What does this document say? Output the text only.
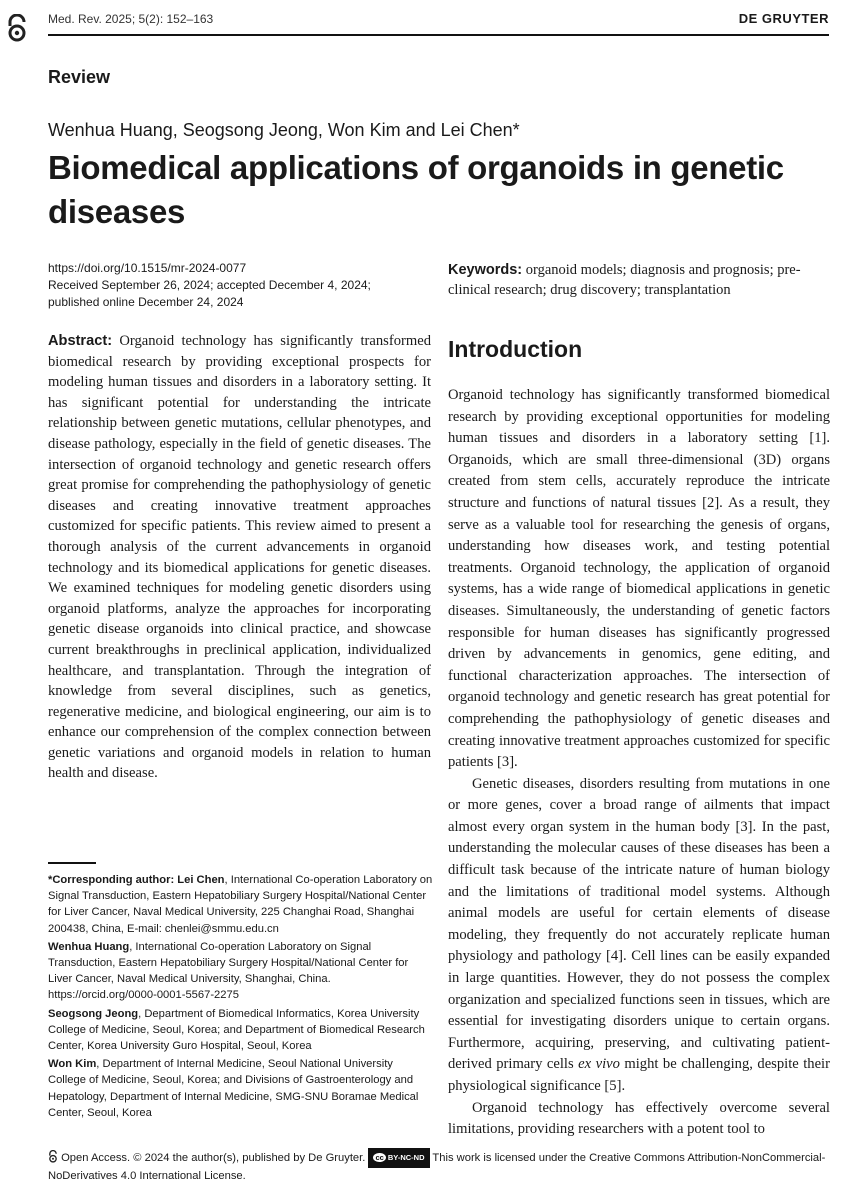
Med. Rev. 2025; 5(2): 152–163	DE GRUYTER
Review
Wenhua Huang, Seogsong Jeong, Won Kim and Lei Chen*
Biomedical applications of organoids in genetic diseases
https://doi.org/10.1515/mr-2024-0077
Received September 26, 2024; accepted December 4, 2024;
published online December 24, 2024
Keywords: organoid models; diagnosis and prognosis; pre-clinical research; drug discovery; transplantation

Abstract: Organoid technology has significantly transformed biomedical research by providing exceptional prospects for modeling human tissues and disorders in a laboratory setting. It has significant potential for understanding the intricate relationship between genetic mutations, cellular phenotypes, and disease pathology, especially in the field of genetic diseases. The intersection of organoid technology and genetic research offers great promise for comprehending the pathophysiology of genetic diseases and creating innovative treatment approaches customized for specific patients. This review aimed to present a thorough analysis of the current advancements in organoid technology and its biomedical applications for genetic diseases. We examined techniques for modeling genetic disorders using organoid platforms, analyze the approaches for incorporating genetic disease organoids into clinical practice, and showcase current breakthroughs in preclinical application, individualized healthcare, and transplantation. Through the integration of knowledge from several disciplines, such as genetics, regenerative medicine, and biological engineering, our aim is to enhance our comprehension of the complex connection between genetic variations and organoid models in relation to human health and disease.

*Corresponding author: Lei Chen, International Co-operation Laboratory on Signal Transduction, Eastern Hepatobiliary Surgery Hospital/National Center for Liver Cancer, Naval Medical University, 225 Changhai Road, Shanghai 200438, China, E-mail: chenlei@smmu.edu.cn

Wenhua Huang, International Co-operation Laboratory on Signal Transduction, Eastern Hepatobiliary Surgery Hospital/National Center for Liver Cancer, Naval Medical University, Shanghai, China. https://orcid.org/0000-0001-5567-2275

Seogsong Jeong, Department of Biomedical Informatics, Korea University College of Medicine, Seoul, Korea; and Department of Biomedical Research Center, Korea University Guro Hospital, Seoul, Korea

Won Kim, Department of Internal Medicine, Seoul National University College of Medicine, Seoul, Korea; and Divisions of Gastroenterology and Hepatology, Department of Internal Medicine, SMG-SNU Boramae Medical Center, Seoul, Korea

Introduction

Organoid technology has significantly transformed biomedical research by providing exceptional opportunities for modeling human tissues and disorders in a laboratory setting [1]. Organoids, which are small three-dimensional (3D) organs created from stem cells, accurately reproduce the intricate structure and functions of natural tissues [2]. As a result, they serve as a valuable tool for researching the genesis of organs, understanding how diseases work, and testing potential treatments. Organoid technology, the application of organoid systems, has a wide range of biomedical applications in genetic diseases. Simultaneously, the understanding of genetic factors responsible for human diseases has significantly progressed driven by advancements in genomics, gene editing, and functional characterization approaches. The intersection of organoid technology and genetic research has great potential for comprehending the pathophysiology of genetic diseases and creating innovative treatment approaches customized for specific patients [3].

Genetic diseases, disorders resulting from mutations in one or more genes, cover a broad range of ailments that impact almost every organ system in the human body [3]. In the past, understanding the molecular causes of these diseases has been a difficult task because of the intricate nature of human biology and the limitations of traditional model systems. Although animal models are useful for certain elements of disease modeling, they frequently do not accurately replicate human physiology and pathology [4]. Cell lines can be easily expanded in large quantities. However, they do not possess the complex organization and specialized functions seen in tissues, which are essential for investigating disorders unique to certain organs. Furthermore, acquiring, preserving, and cultivating patient-derived primary cells ex vivo might be challenging, despite their physiological significance [5].

Organoid technology has effectively overcome several limitations, providing researchers with a potent tool to

Open Access. © 2024 the author(s), published by De Gruyter. cc BY-NC-ND This work is licensed under the Creative Commons Attribution-NonCommercial-NoDerivatives 4.0 International License.
